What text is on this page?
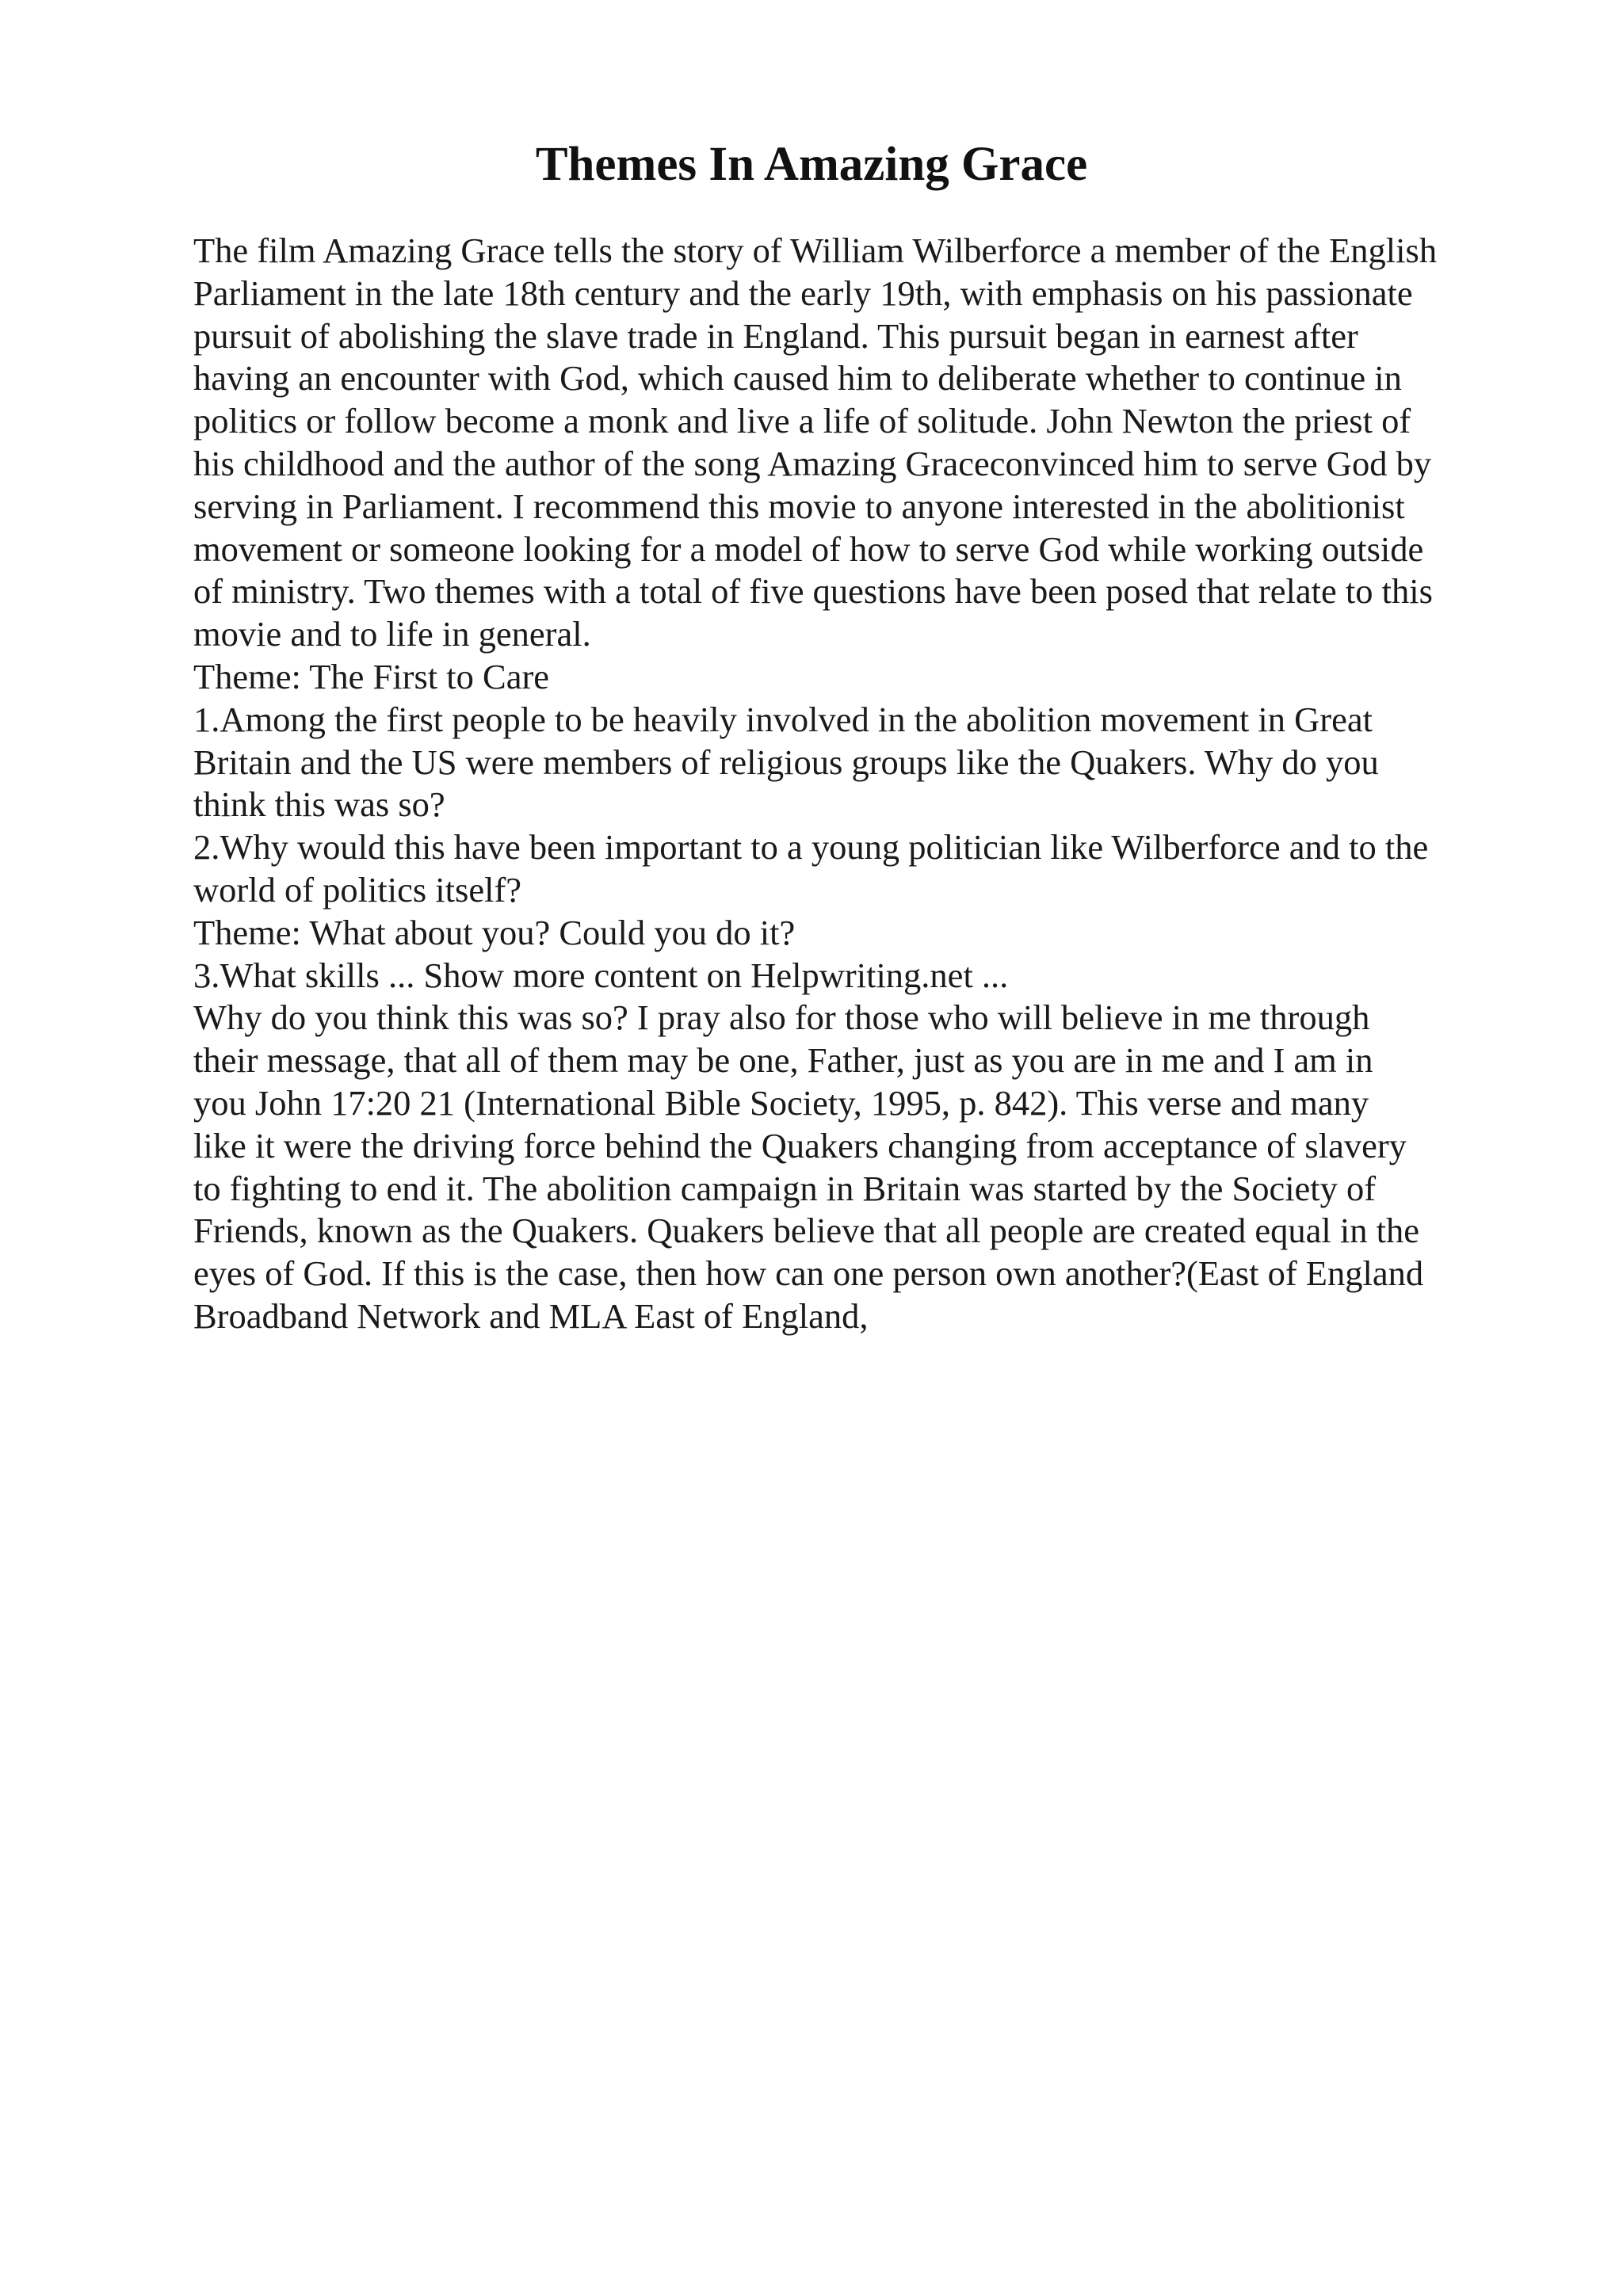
Themes In Amazing Grace
The film Amazing Grace tells the story of William Wilberforce a member of the English
Parliament in the late 18th century and the early 19th, with emphasis on his passionate
pursuit of abolishing the slave trade in England. This pursuit began in earnest after
having an encounter with God, which caused him to deliberate whether to continue in
politics or follow become a monk and live a life of solitude. John Newton the priest of
his childhood and the author of the song Amazing Graceconvinced him to serve God by
serving in Parliament. I recommend this movie to anyone interested in the abolitionist
movement or someone looking for a model of how to serve God while working outside
of ministry. Two themes with a total of five questions have been posed that relate to this
movie and to life in general.
Theme: The First to Care
1.Among the first people to be heavily involved in the abolition movement in Great
Britain and the US were members of religious groups like the Quakers. Why do you
think this was so?
2.Why would this have been important to a young politician like Wilberforce and to the
world of politics itself?
Theme: What about you? Could you do it?
3.What skills ... Show more content on Helpwriting.net ...
Why do you think this was so? I pray also for those who will believe in me through
their message, that all of them may be one, Father, just as you are in me and I am in
you John 17:20 21 (International Bible Society, 1995, p. 842). This verse and many
like it were the driving force behind the Quakers changing from acceptance of slavery
to fighting to end it. The abolition campaign in Britain was started by the Society of
Friends, known as the Quakers. Quakers believe that all people are created equal in the
eyes of God. If this is the case, then how can one person own another?(East of England
Broadband Network and MLA East of England,
